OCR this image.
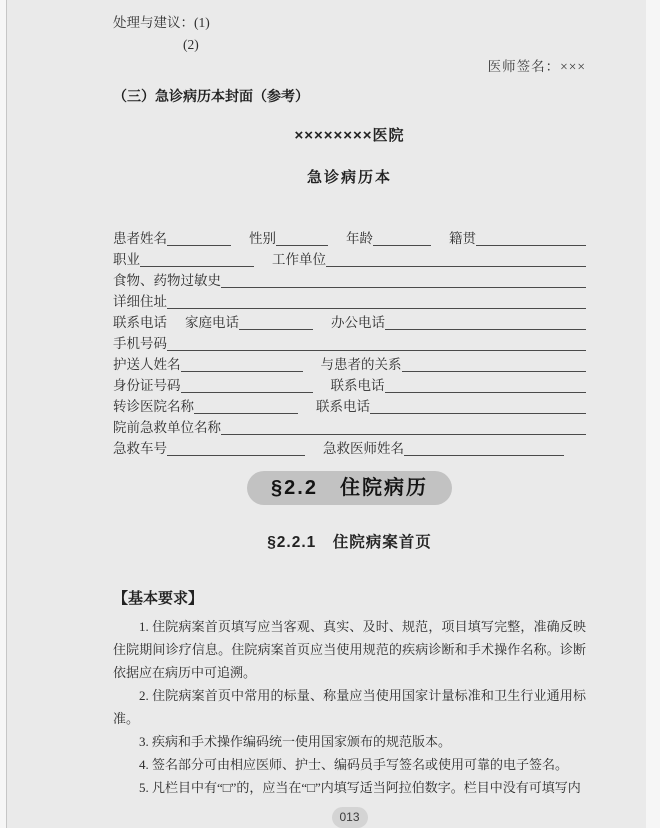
处理与建议：(1)
(2)
医师签名：×××
（三）急诊病历本封面（参考）
××××××××医院
急诊病历本
患者姓名	性别	年龄	籍贯
职业	工作单位
食物、药物过敏史
详细住址
联系电话 家庭电话	办公电话
手机号码
护送人姓名	与患者的关系
身份证号码	联系电话
转诊医院名称	联系电话
院前急救单位名称
急救车号	急救医师姓名
§2.2　住院病历
§2.2.1　住院病案首页
【基本要求】

1. 住院病案首页填写应当客观、真实、及时、规范，项目填写完整，准确反映住院期间诊疗信息。住院病案首页应当使用规范的疾病诊断和手术操作名称。诊断依据应在病历中可追溯。

2. 住院病案首页中常用的标量、称量应当使用国家计量标准和卫生行业通用标准。

3. 疾病和手术操作编码统一使用国家颁布的规范版本。

4. 签名部分可由相应医师、护士、编码员手写签名或使用可靠的电子签名。

5. 凡栏目中有“□”的，应当在“□”内填写适当阿拉伯数字。栏目中没有可填写内

013
